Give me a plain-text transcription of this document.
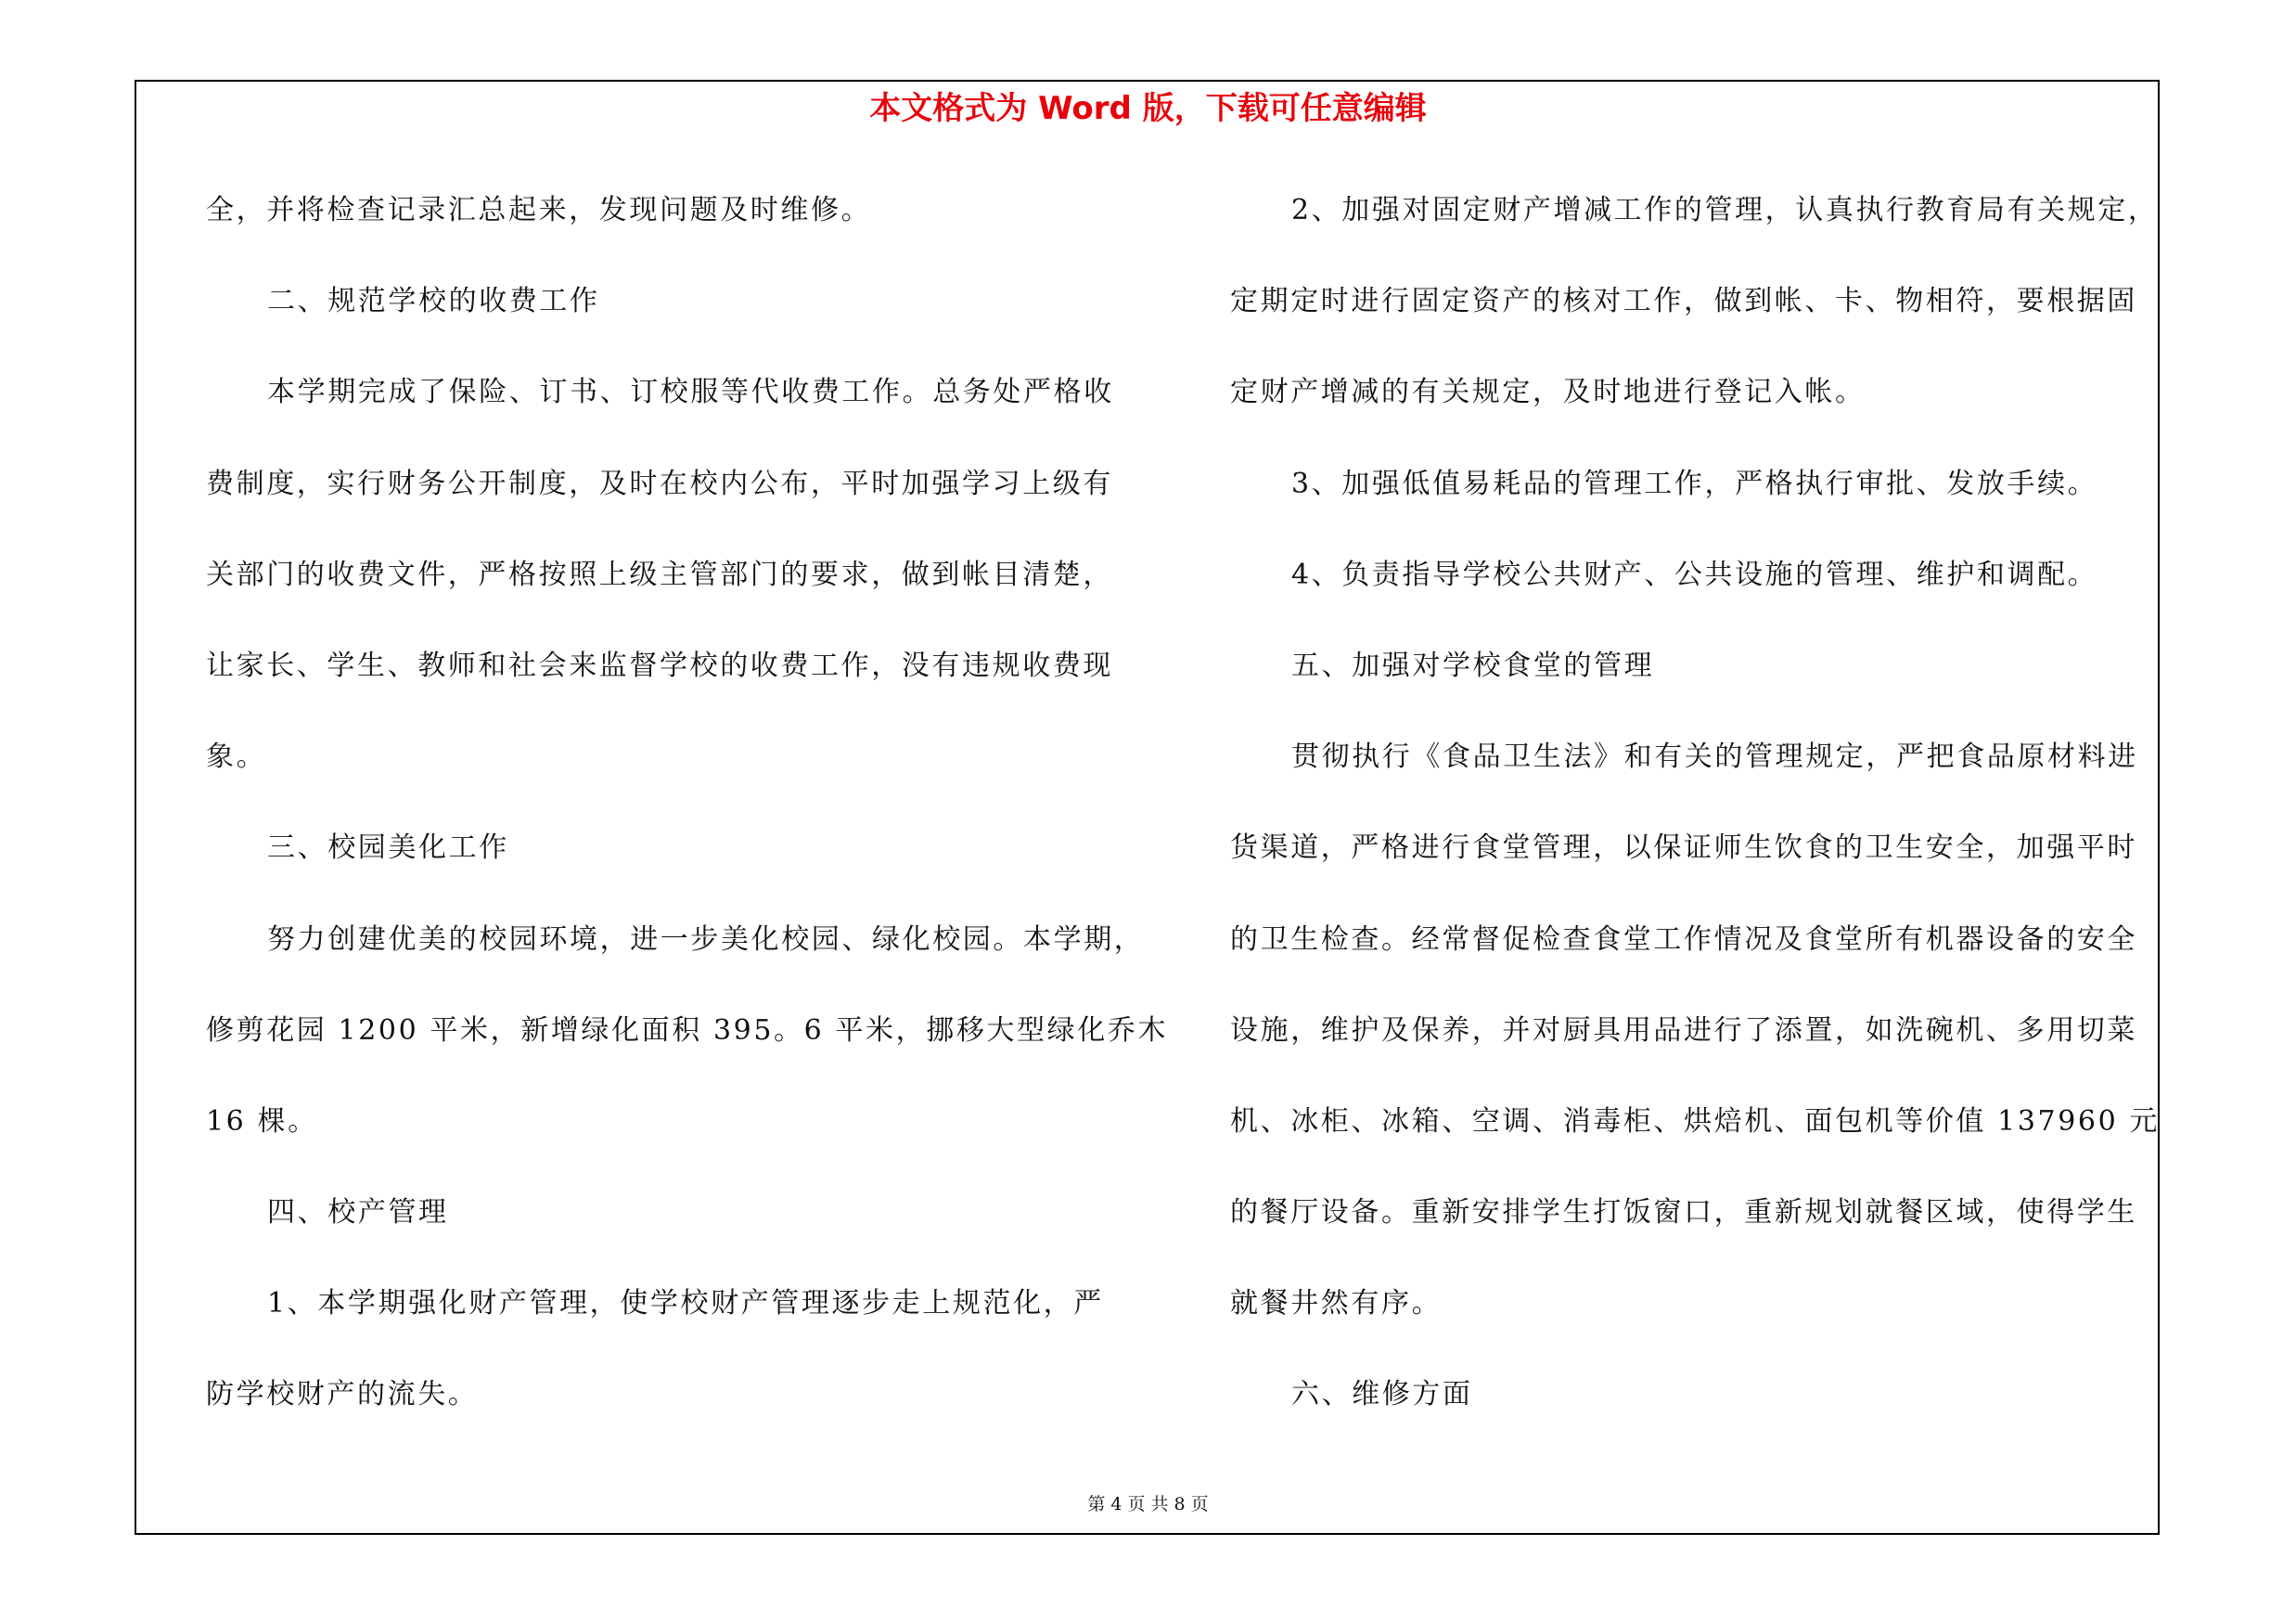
本文格式为 Word 版，下载可任意编辑

全，并将检查记录汇总起来，发现问题及时维修。

二、规范学校的收费工作

本学期完成了保险、订书、订校服等代收费工作。总务处严格收

费制度，实行财务公开制度，及时在校内公布，平时加强学习上级有

关部门的收费文件，严格按照上级主管部门的要求，做到帐目清楚，

让家长、学生、教师和社会来监督学校的收费工作，没有违规收费现

象。

三、校园美化工作

努力创建优美的校园环境，进一步美化校园、绿化校园。本学期，

修剪花园 1200 平米，新增绿化面积 395。6 平米，挪移大型绿化乔木

16 棵。

四、校产管理

1、本学期强化财产管理，使学校财产管理逐步走上规范化，严

防学校财产的流失。

2、加强对固定财产增减工作的管理，认真执行教育局有关规定，

定期定时进行固定资产的核对工作，做到帐、卡、物相符，要根据固

定财产增减的有关规定，及时地进行登记入帐。

3、加强低值易耗品的管理工作，严格执行审批、发放手续。

4、负责指导学校公共财产、公共设施的管理、维护和调配。

五、加强对学校食堂的管理

贯彻执行《食品卫生法》和有关的管理规定，严把食品原材料进

货渠道，严格进行食堂管理，以保证师生饮食的卫生安全，加强平时

的卫生检查。经常督促检查食堂工作情况及食堂所有机器设备的安全

设施，维护及保养，并对厨具用品进行了添置，如洗碗机、多用切菜

机、冰柜、冰箱、空调、消毒柜、烘焙机、面包机等价值 137960 元

的餐厅设备。重新安排学生打饭窗口，重新规划就餐区域，使得学生

就餐井然有序。

六、维修方面

第 4 页 共 8 页
